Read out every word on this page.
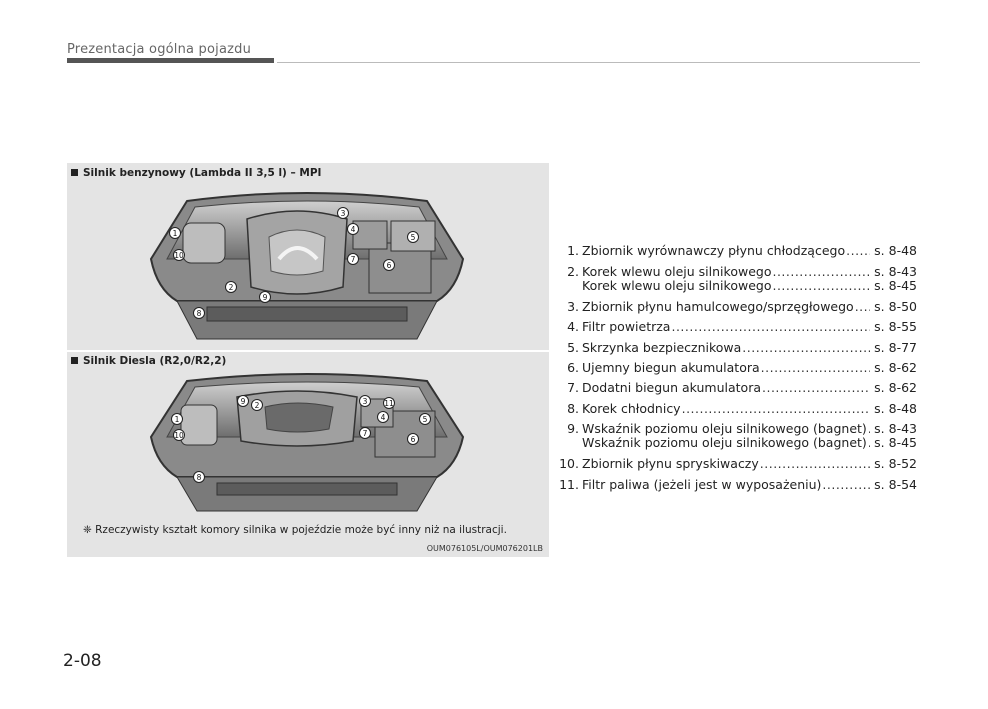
Prezentacja ogólna pojazdu
Silnik benzynowy (Lambda II 3,5 l) – MPI
1
10
2
9
3
4
5
7
6
8
Silnik Diesla (R2,0/R2,2)
1
10
9 2	3 11
4	5
7
6
8
❈ Rzeczywisty kształt komory silnika w pojeździe może być inny niż na ilustracji.
OUM076105L/OUM076201LB
1. Zbiornik wyrównawczy płynu chłodzącego ..... s. 8-48
2. Korek wlewu oleju silnikowego .....	s. 8-43
Korek wlewu oleju silnikowego .....	s. 8-45
3. Zbiornik płynu hamulcowego/sprzęgłowego ..... s. 8-50
4. Filtr powietrza .....	s. 8-55
5. Skrzynka bezpiecznikowa .....	s. 8-77
6. Ujemny biegun akumulatora .....	s. 8-62
7. Dodatni biegun akumulatora .....	s. 8-62
8. Korek chłodnicy .....	s. 8-48
9. Wskaźnik poziomu oleju silnikowego (bagnet) ..... s. 8-43
Wskaźnik poziomu oleju silnikowego (bagnet) ..... s. 8-45
10. Zbiornik płynu spryskiwaczy .....	s. 8-52
11. Filtr paliwa (jeżeli jest w wyposażeniu) .....	s. 8-54
2-08
